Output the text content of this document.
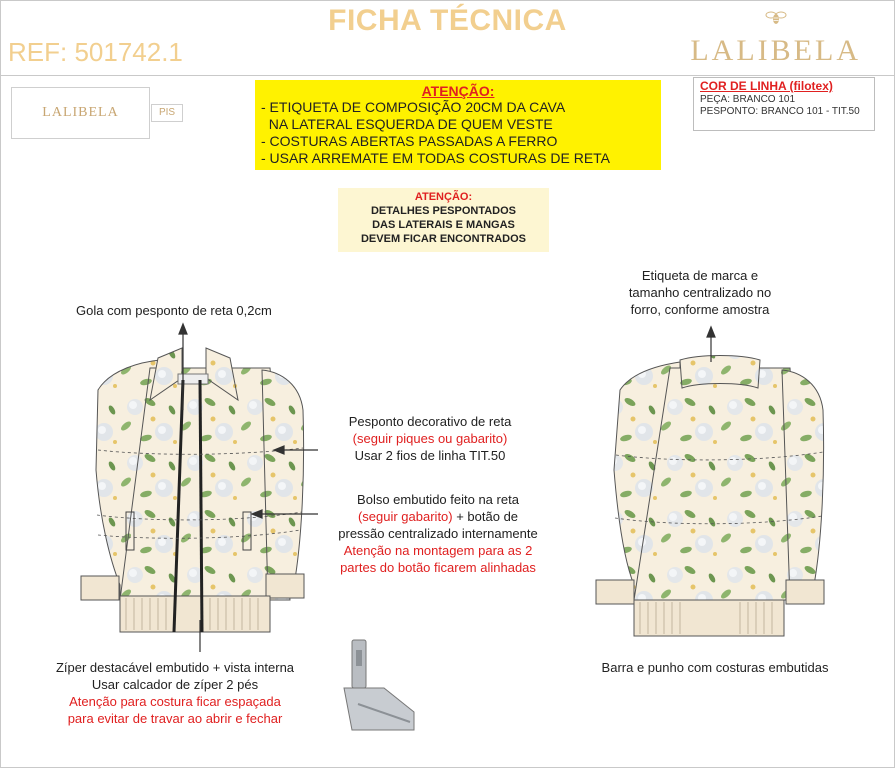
FICHA TÉCNICA
REF: 501742.1	LALIBELA
LALIBELA	PIS
ATENÇÃO:
- ETIQUETA DE COMPOSIÇÃO 20CM DA CAVA
NA LATERAL ESQUERDA DE QUEM VESTE
- COSTURAS ABERTAS PASSADAS A FERRO
- USAR ARREMATE EM TODAS COSTURAS DE RETA
COR DE LINHA (filotex)
PEÇA: BRANCO 101
PESPONTO: BRANCO 101 - TIT.50
ATENÇÃO:
DETALHES PESPONTADOS
DAS LATERAIS E MANGAS
DEVEM FICAR ENCONTRADOS
Gola com pesponto de reta 0,2cm
Pesponto decorativo de reta
(seguir piques ou gabarito)
Usar 2 fios de linha TIT.50
Bolso embutido feito na reta
(seguir gabarito) + botão de
pressão centralizado internamente
Atenção na montagem para as 2
partes do botão ficarem alinhadas
Zíper destacável embutido + vista interna
Usar calcador de zíper 2 pés
Atenção para costura ficar espaçada
para evitar de travar ao abrir e fechar
Etiqueta de marca e
tamanho centralizado no
forro, conforme amostra
Barra e punho com costuras embutidas
